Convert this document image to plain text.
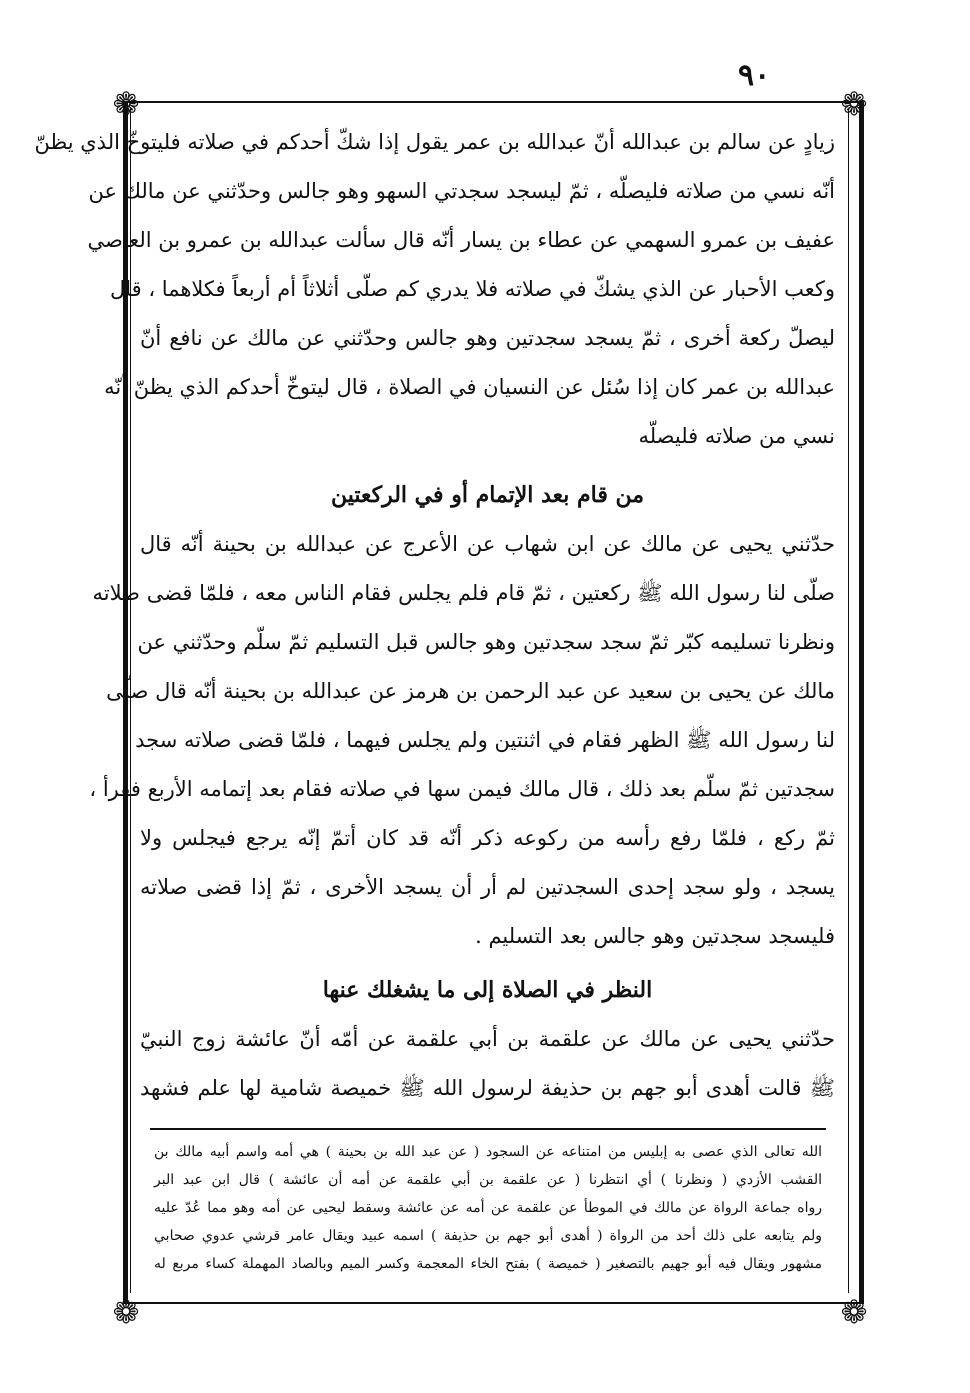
٩٠
❁	❁
❁	❁
زيادٍ عن سالم بن عبدالله أنّ عبدالله بن عمر يقول إذا شكّ أحدكم في صلاته فليتوخّ الذي يظنّ
أنّه نسي من صلاته فليصلّه ، ثمّ ليسجد سجدتي السهو وهو جالس وحدّثني عن مالك عن
عفيف بن عمرو السهمي عن عطاء بن يسار أنّه قال سألت عبدالله بن عمرو بن العاصي
وكعب الأحبار عن الذي يشكّ في صلاته فلا يدري كم صلّى أثلاثاً أم أربعاً فكلاهما ، قال
ليصلّ ركعة أخرى ، ثمّ يسجد سجدتين وهو جالس وحدّثني عن مالك عن نافع أنّ
عبدالله بن عمر كان إذا سُئل عن النسيان في الصلاة ، قال ليتوخّ أحدكم الذي يظنّ أنّه
نسي من صلاته فليصلّه
من قام بعد الإتمام أو في الركعتين
حدّثني يحيى عن مالك عن ابن شهاب عن الأعرج عن عبدالله بن بحينة أنّه قال
صلّى لنا رسول الله ﷺ ركعتين ، ثمّ قام فلم يجلس فقام الناس معه ، فلمّا قضى صلاته
ونظرنا تسليمه كبّر ثمّ سجد سجدتين وهو جالس قبل التسليم ثمّ سلّم وحدّثني عن
مالك عن يحيى بن سعيد عن عبد الرحمن بن هرمز عن عبدالله بن بحينة أنّه قال صلّى
لنا رسول الله ﷺ الظهر فقام في اثنتين ولم يجلس فيهما ، فلمّا قضى صلاته سجد
سجدتين ثمّ سلّم بعد ذلك ، قال مالك فيمن سها في صلاته فقام بعد إتمامه الأربع فقرأ ،
ثمّ ركع ، فلمّا رفع رأسه من ركوعه ذكر أنّه قد كان أتمّ إنّه يرجع فيجلس ولا
يسجد ، ولو سجد إحدى السجدتين لم أر أن يسجد الأخرى ، ثمّ إذا قضى صلاته
فليسجد سجدتين وهو جالس بعد التسليم .
النظر في الصلاة إلى ما يشغلك عنها
حدّثني يحيى عن مالك عن علقمة بن أبي علقمة عن أمّه أنّ عائشة زوج النبيّ
ﷺ قالت أهدى أبو جهم بن حذيفة لرسول الله ﷺ خميصة شامية لها علم فشهد
الله تعالى الذي عصى به إبليس من امتناعه عن السجود ( عن عبد الله بن بحينة ) هي أمه واسم أبيه مالك بن
القشب الأزدي ( ونظرنا ) أي انتظرنا ( عن علقمة بن أبي علقمة عن أمه أن عائشة ) قال ابن عبد البر
رواه جماعة الرواة عن مالك في الموطأ عن علقمة عن أمه عن عائشة وسقط ليحيى عن أمه وهو مما عُدّ عليه
ولم يتابعه على ذلك أحد من الرواة ( أهدى أبو جهم بن حذيفة ) اسمه عبيد ويقال عامر قرشي عدوي صحابي
مشهور ويقال فيه أبو جهيم بالتصغير ( خميصة ) بفتح الخاء المعجمة وكسر الميم وبالصاد المهملة كساء مربع له
